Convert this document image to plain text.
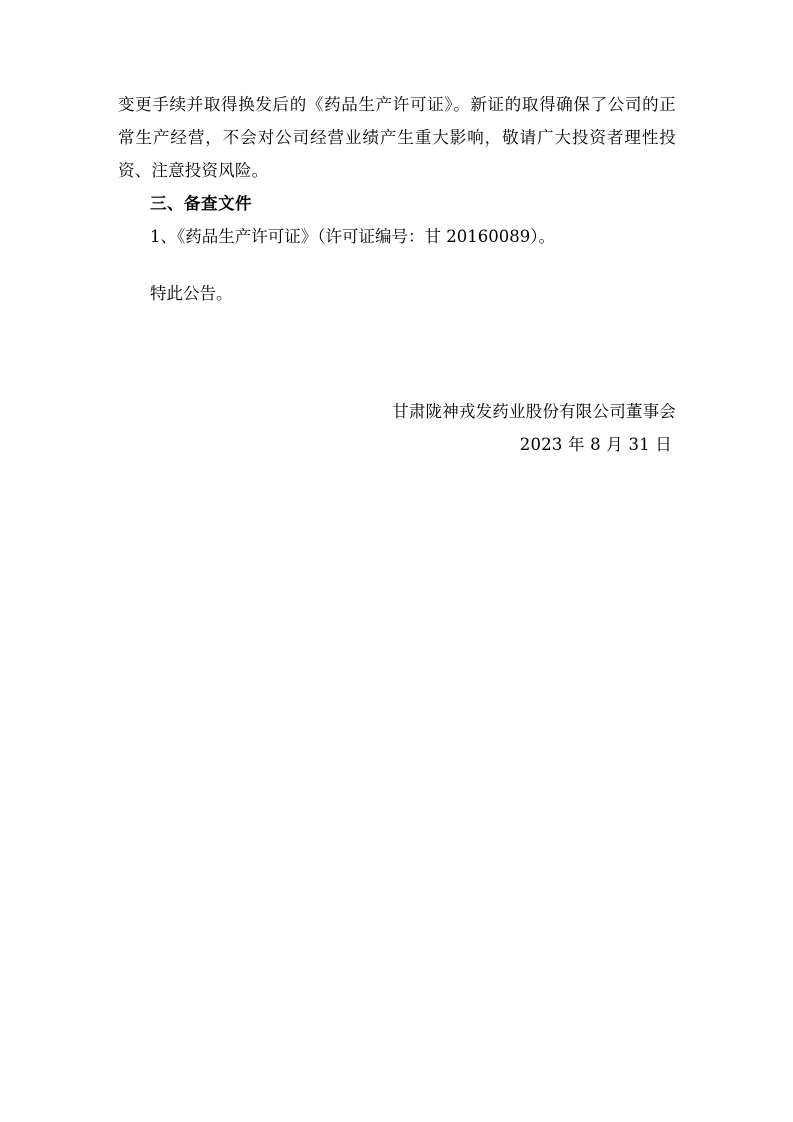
变更手续并取得换发后的《药品生产许可证》。新证的取得确保了公司的正常生产经营，不会对公司经营业绩产生重大影响，敬请广大投资者理性投资、注意投资风险。

三、备查文件

1、《药品生产许可证》（许可证编号：甘 20160089）。

特此公告。

甘肃陇神戎发药业股份有限公司董事会

2023 年 8 月 31 日
